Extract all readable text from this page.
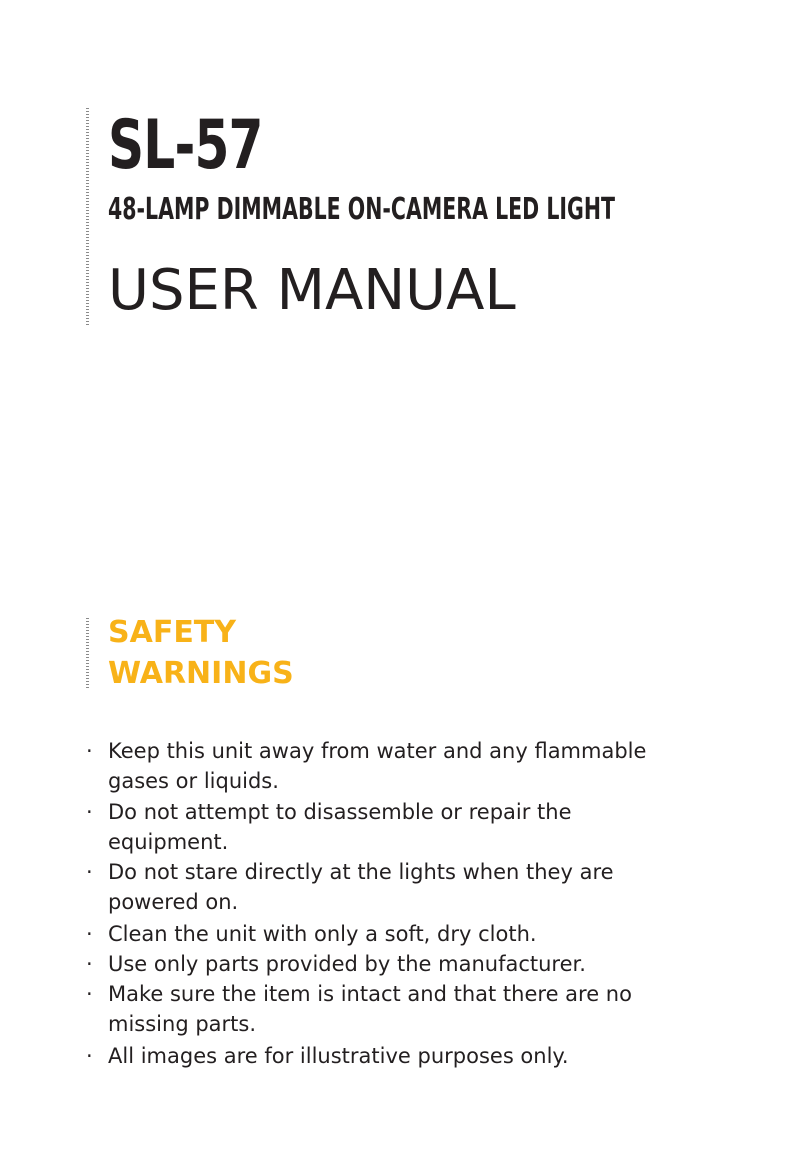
SL-57
48-LAMP DIMMABLE ON-CAMERA LED LIGHT
USER MANUAL
SAFETY
WARNINGS
· Keep this unit away from water and any flammable gases or liquids.
· Do not attempt to disassemble or repair the equipment.
· Do not stare directly at the lights when they are powered on.
· Clean the unit with only a soft, dry cloth.
· Use only parts provided by the manufacturer.
· Make sure the item is intact and that there are no missing parts.
· All images are for illustrative purposes only.
